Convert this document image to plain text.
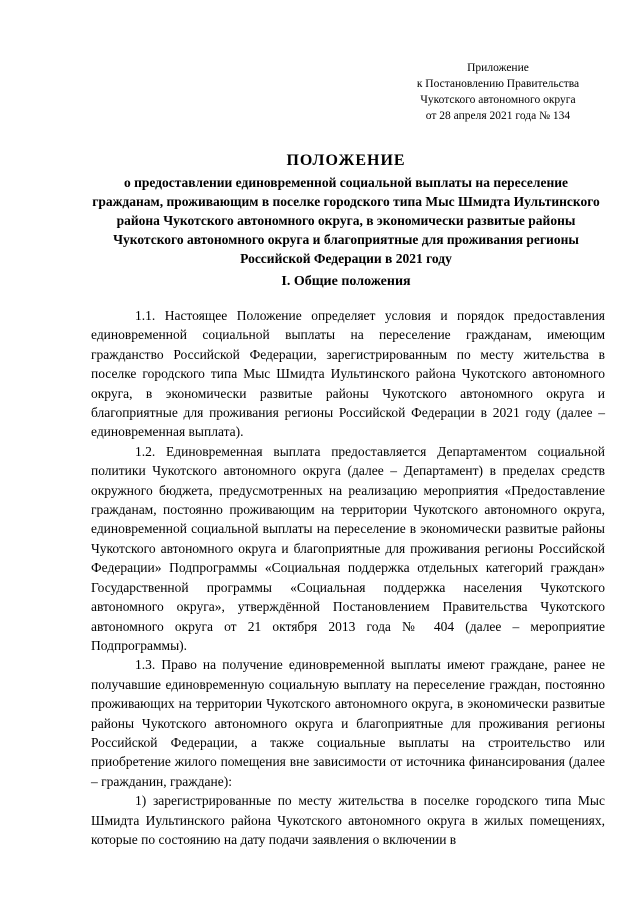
Приложение
к Постановлению Правительства
Чукотского автономного округа
от 28 апреля 2021 года № 134
ПОЛОЖЕНИЕ
о предоставлении единовременной социальной выплаты на переселение гражданам, проживающим в поселке городского типа Мыс Шмидта Иультинского района Чукотского автономного округа, в экономически развитые районы Чукотского автономного округа и благоприятные для проживания регионы Российской Федерации в 2021 году
I. Общие положения

1.1. Настоящее Положение определяет условия и порядок предоставления единовременной социальной выплаты на переселение гражданам, имеющим гражданство Российской Федерации, зарегистрированным по месту жительства в поселке городского типа Мыс Шмидта Иультинского района Чукотского автономного округа, в экономически развитые районы Чукотского автономного округа и благоприятные для проживания регионы Российской Федерации в 2021 году (далее – единовременная выплата).

1.2. Единовременная выплата предоставляется Департаментом социальной политики Чукотского автономного округа (далее – Департамент) в пределах средств окружного бюджета, предусмотренных на реализацию мероприятия «Предоставление гражданам, постоянно проживающим на территории Чукотского автономного округа, единовременной социальной выплаты на переселение в экономически развитые районы Чукотского автономного округа и благоприятные для проживания регионы Российской Федерации» Подпрограммы «Социальная поддержка отдельных категорий граждан» Государственной программы «Социальная поддержка населения Чукотского автономного округа», утверждённой Постановлением Правительства Чукотского автономного округа от 21 октября 2013 года № 404 (далее – мероприятие Подпрограммы).

1.3. Право на получение единовременной выплаты имеют граждане, ранее не получавшие единовременную социальную выплату на переселение граждан, постоянно проживающих на территории Чукотского автономного округа, в экономически развитые районы Чукотского автономного округа и благоприятные для проживания регионы Российской Федерации, а также социальные выплаты на строительство или приобретение жилого помещения вне зависимости от источника финансирования (далее – гражданин, граждане):

1) зарегистрированные по месту жительства в поселке городского типа Мыс Шмидта Иультинского района Чукотского автономного округа в жилых помещениях, которые по состоянию на дату подачи заявления о включении в
